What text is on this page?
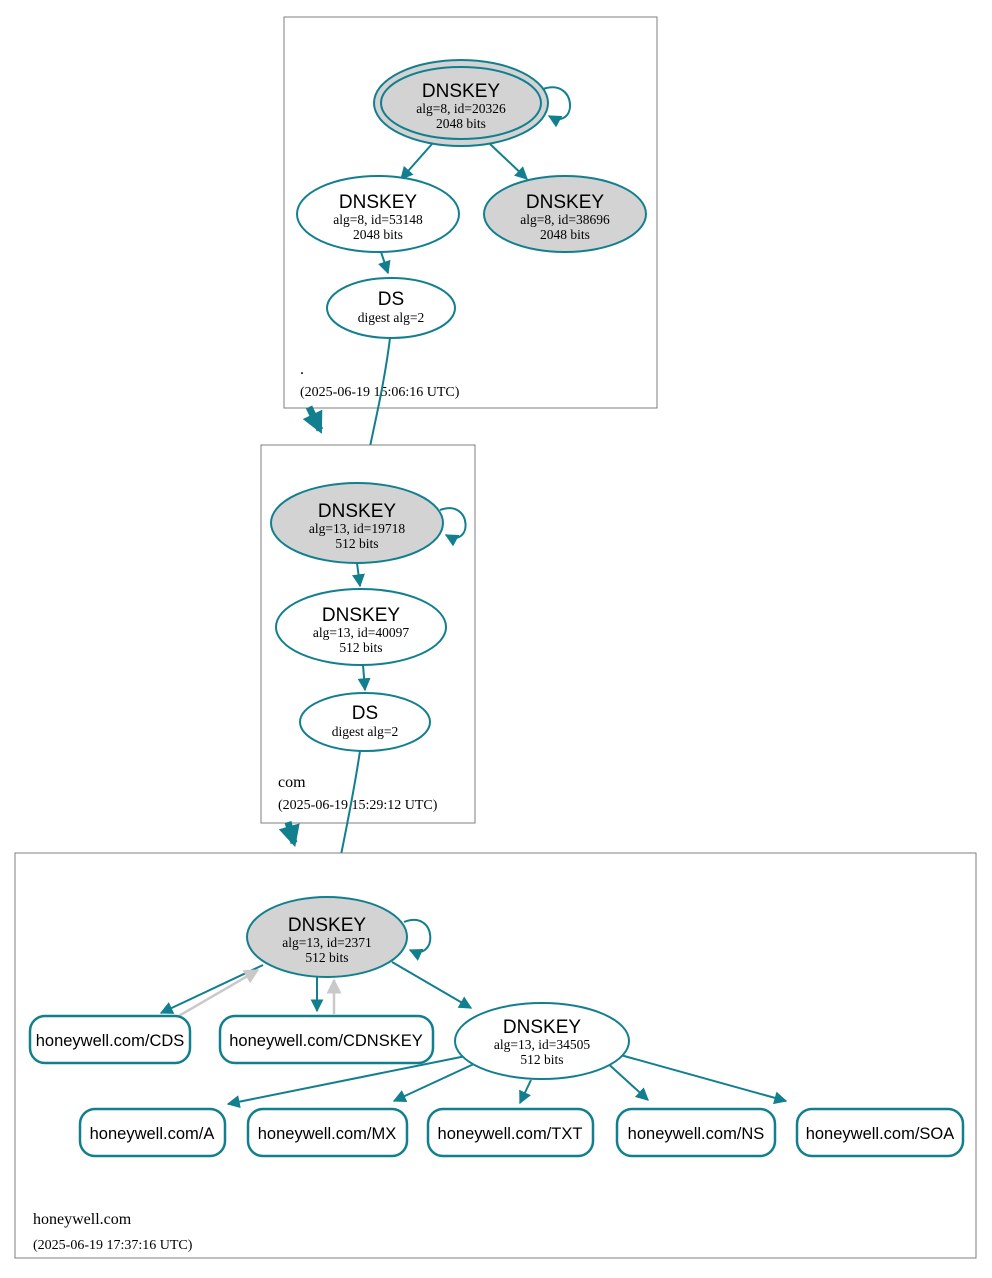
DNSKEY
alg=8, id=20326
2048 bits
DNSKEY
alg=8, id=53148
2048 bits
DNSKEY
alg=8, id=38696
2048 bits
DS
digest alg=2
.
(2025-06-19 15:06:16 UTC)
DNSKEY
alg=13, id=19718
512 bits
DNSKEY
alg=13, id=40097
512 bits
DS
digest alg=2
com
(2025-06-19 15:29:12 UTC)
DNSKEY
alg=13, id=2371
512 bits
honeywell.com/CDS	honeywell.com/CDNSKEY
DNSKEY
alg=13, id=34505
512 bits
honeywell.com/A	honeywell.com/MX	honeywell.com/TXT	honeywell.com/NS	honeywell.com/SOA
honeywell.com
(2025-06-19 17:37:16 UTC)
